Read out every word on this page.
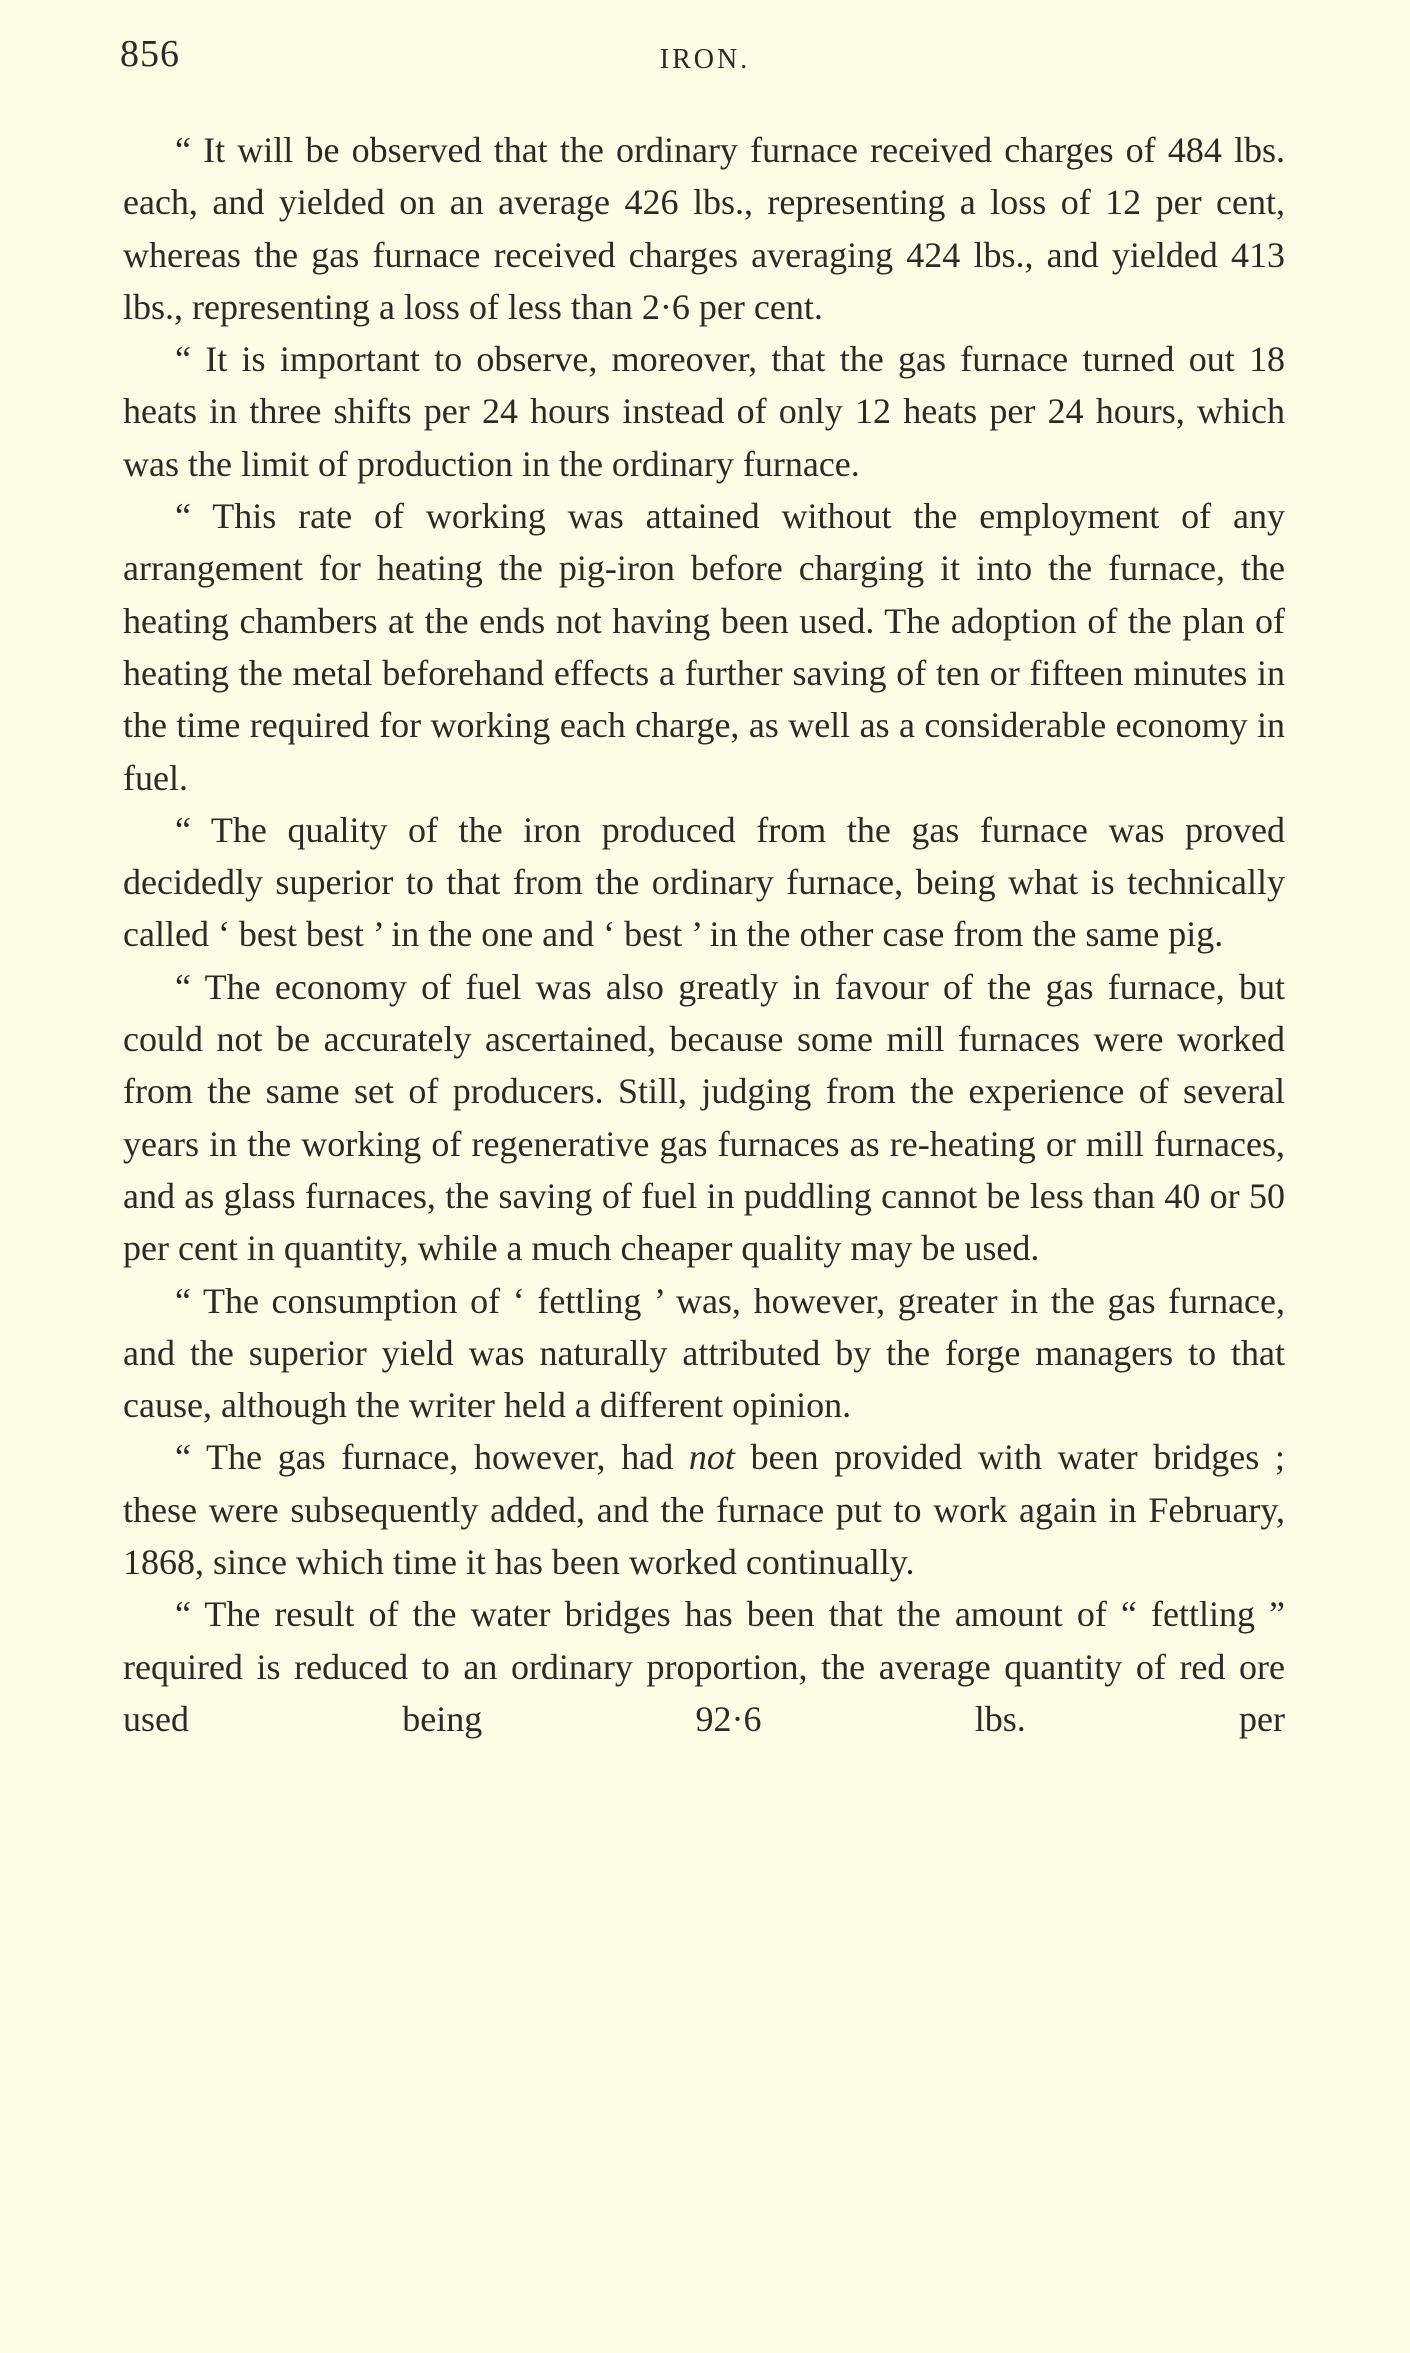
856	IRON.

“ It will be observed that the ordinary furnace received charges of 484 lbs. each, and yielded on an average 426 lbs., representing a loss of 12 per cent, whereas the gas furnace received charges averaging 424 lbs., and yielded 413 lbs., representing a loss of less than 2·6 per cent.

“ It is important to observe, moreover, that the gas furnace turned out 18 heats in three shifts per 24 hours instead of only 12 heats per 24 hours, which was the limit of production in the ordinary furnace.

“ This rate of working was attained without the employment of any arrangement for heating the pig-iron before charging it into the furnace, the heating chambers at the ends not having been used. The adoption of the plan of heating the metal beforehand effects a further saving of ten or fifteen minutes in the time required for working each charge, as well as a considerable economy in fuel.

“ The quality of the iron produced from the gas furnace was proved decidedly superior to that from the ordinary furnace, being what is technically called ‘ best best ’ in the one and ‘ best ’ in the other case from the same pig.

“ The economy of fuel was also greatly in favour of the gas furnace, but could not be accurately ascertained, because some mill furnaces were worked from the same set of producers. Still, judging from the experience of several years in the working of regenerative gas furnaces as re-heating or mill furnaces, and as glass furnaces, the saving of fuel in puddling cannot be less than 40 or 50 per cent in quantity, while a much cheaper quality may be used.

“ The consumption of ‘ fettling ’ was, however, greater in the gas furnace, and the superior yield was naturally attributed by the forge managers to that cause, although the writer held a different opinion.

“ The gas furnace, however, had not been provided with water bridges ; these were subsequently added, and the furnace put to work again in February, 1868, since which time it has been worked continually.

“ The result of the water bridges has been that the amount of “ fettling ” required is reduced to an ordinary proportion, the average quantity of red ore used being 92·6 lbs. per
